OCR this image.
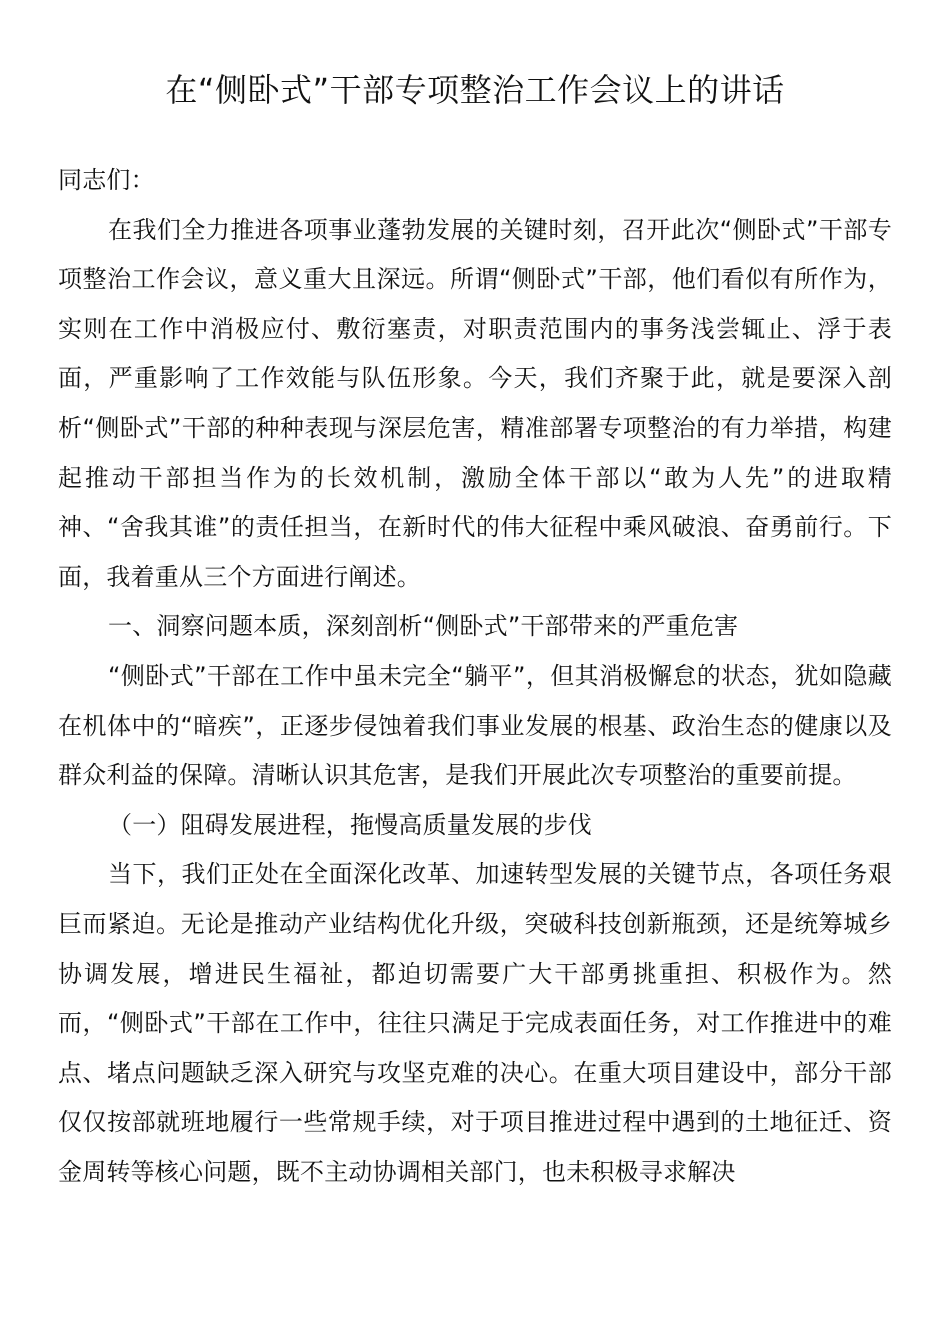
在“侧卧式”干部专项整治工作会议上的讲话

同志们：

在我们全力推进各项事业蓬勃发展的关键时刻，召开此次“侧卧式”干部专项整治工作会议，意义重大且深远。所谓“侧卧式”干部，他们看似有所作为，实则在工作中消极应付、敷衍塞责，对职责范围内的事务浅尝辄止、浮于表面，严重影响了工作效能与队伍形象。今天，我们齐聚于此，就是要深入剖析“侧卧式”干部的种种表现与深层危害，精准部署专项整治的有力举措，构建起推动干部担当作为的长效机制，激励全体干部以“敢为人先”的进取精神、“舍我其谁”的责任担当，在新时代的伟大征程中乘风破浪、奋勇前行。下面，我着重从三个方面进行阐述。

一、洞察问题本质，深刻剖析“侧卧式”干部带来的严重危害

“侧卧式”干部在工作中虽未完全“躺平”，但其消极懈怠的状态，犹如隐藏在机体中的“暗疾”，正逐步侵蚀着我们事业发展的根基、政治生态的健康以及群众利益的保障。清晰认识其危害，是我们开展此次专项整治的重要前提。

（一）阻碍发展进程，拖慢高质量发展的步伐

当下，我们正处在全面深化改革、加速转型发展的关键节点，各项任务艰巨而紧迫。无论是推动产业结构优化升级，突破科技创新瓶颈，还是统筹城乡协调发展，增进民生福祉，都迫切需要广大干部勇挑重担、积极作为。然而，“侧卧式”干部在工作中，往往只满足于完成表面任务，对工作推进中的难点、堵点问题缺乏深入研究与攻坚克难的决心。在重大项目建设中，部分干部仅仅按部就班地履行一些常规手续，对于项目推进过程中遇到的土地征迁、资金周转等核心问题，既不主动协调相关部门，也未积极寻求解决
